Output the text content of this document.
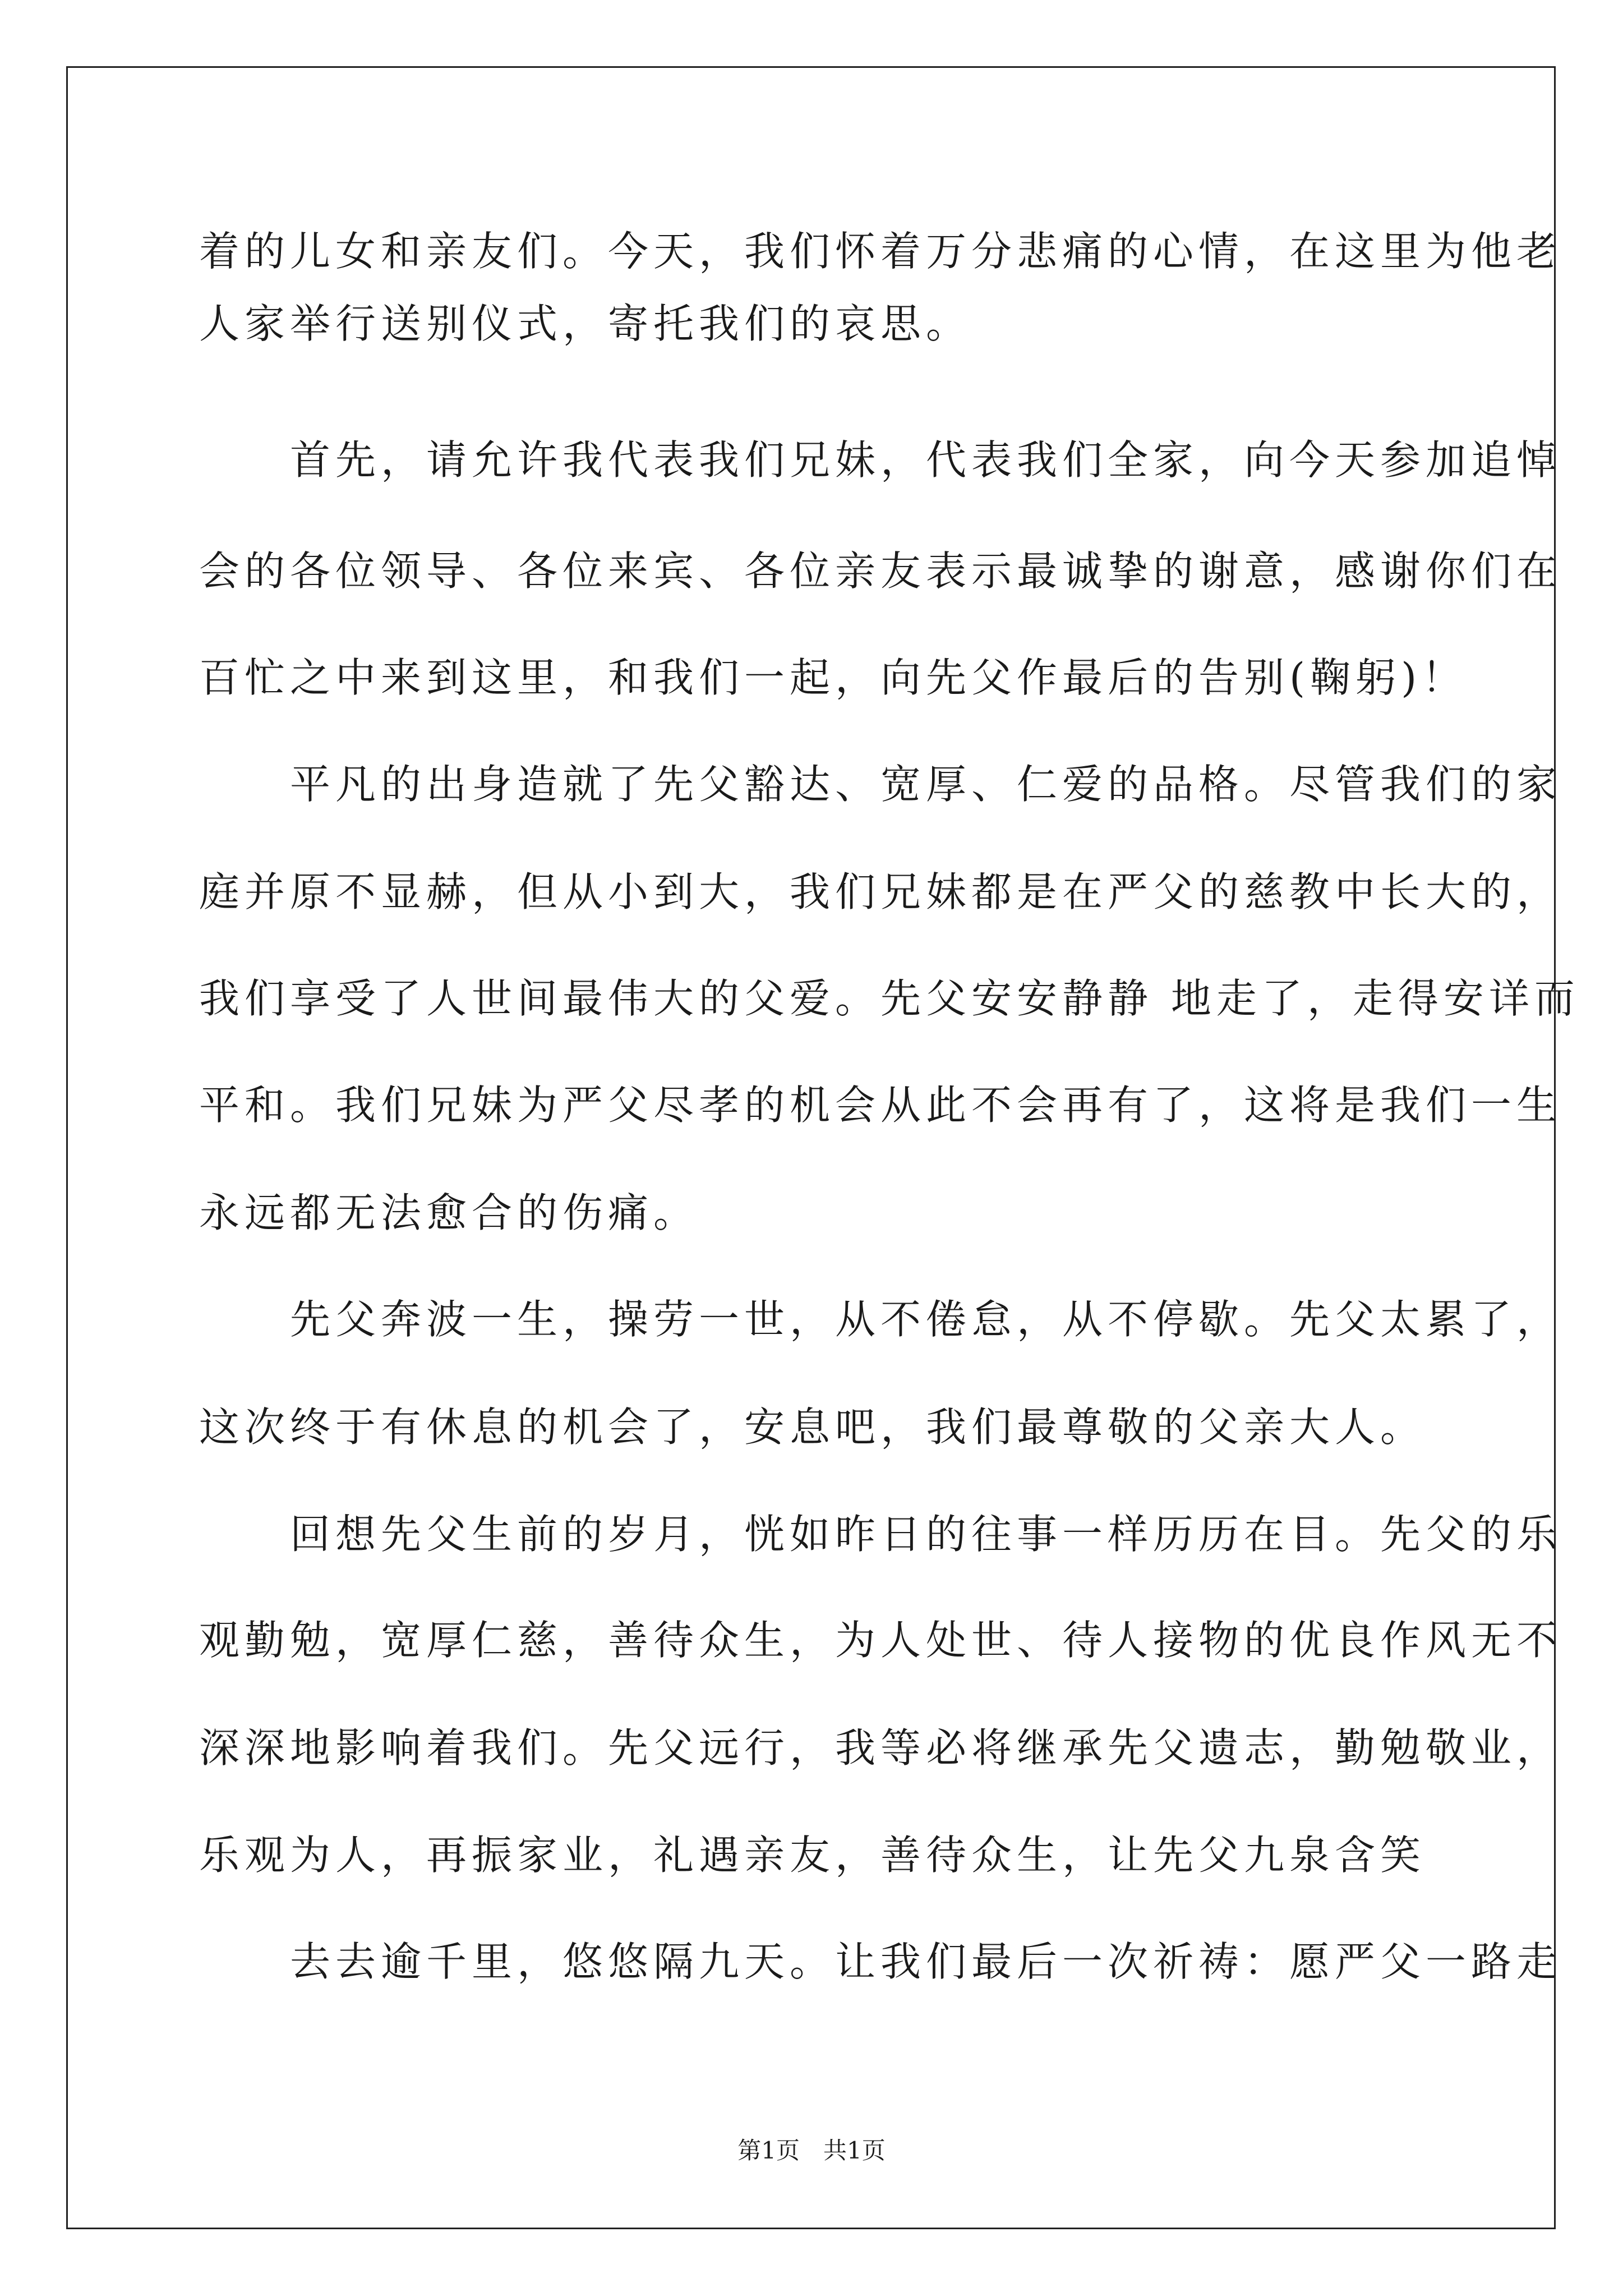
着的儿女和亲友们。今天，我们怀着万分悲痛的心情，在这里为他老
人家举行送别仪式，寄托我们的哀思。
　　首先，请允许我代表我们兄妹，代表我们全家，向今天参加追悼
会的各位领导、各位来宾、各位亲友表示最诚挚的谢意，感谢你们在
百忙之中来到这里，和我们一起，向先父作最后的告别(鞠躬)！
　　平凡的出身造就了先父豁达、宽厚、仁爱的品格。尽管我们的家
庭并原不显赫，但从小到大，我们兄妹都是在严父的慈教中长大的，
我们享受了人世间最伟大的父爱。先父安安静静 地走了，走得安详而
平和。我们兄妹为严父尽孝的机会从此不会再有了，这将是我们一生
永远都无法愈合的伤痛。
　　先父奔波一生，操劳一世，从不倦怠，从不停歇。先父太累了，
这次终于有休息的机会了，安息吧，我们最尊敬的父亲大人。
　　回想先父生前的岁月，恍如昨日的往事一样历历在目。先父的乐
观勤勉，宽厚仁慈，善待众生，为人处世、待人接物的优良作风无不
深深地影响着我们。先父远行，我等必将继承先父遗志，勤勉敬业，
乐观为人，再振家业，礼遇亲友，善待众生，让先父九泉含笑
　　去去逾千里，悠悠隔九天。让我们最后一次祈祷：愿严父一路走
第1页　共1页
